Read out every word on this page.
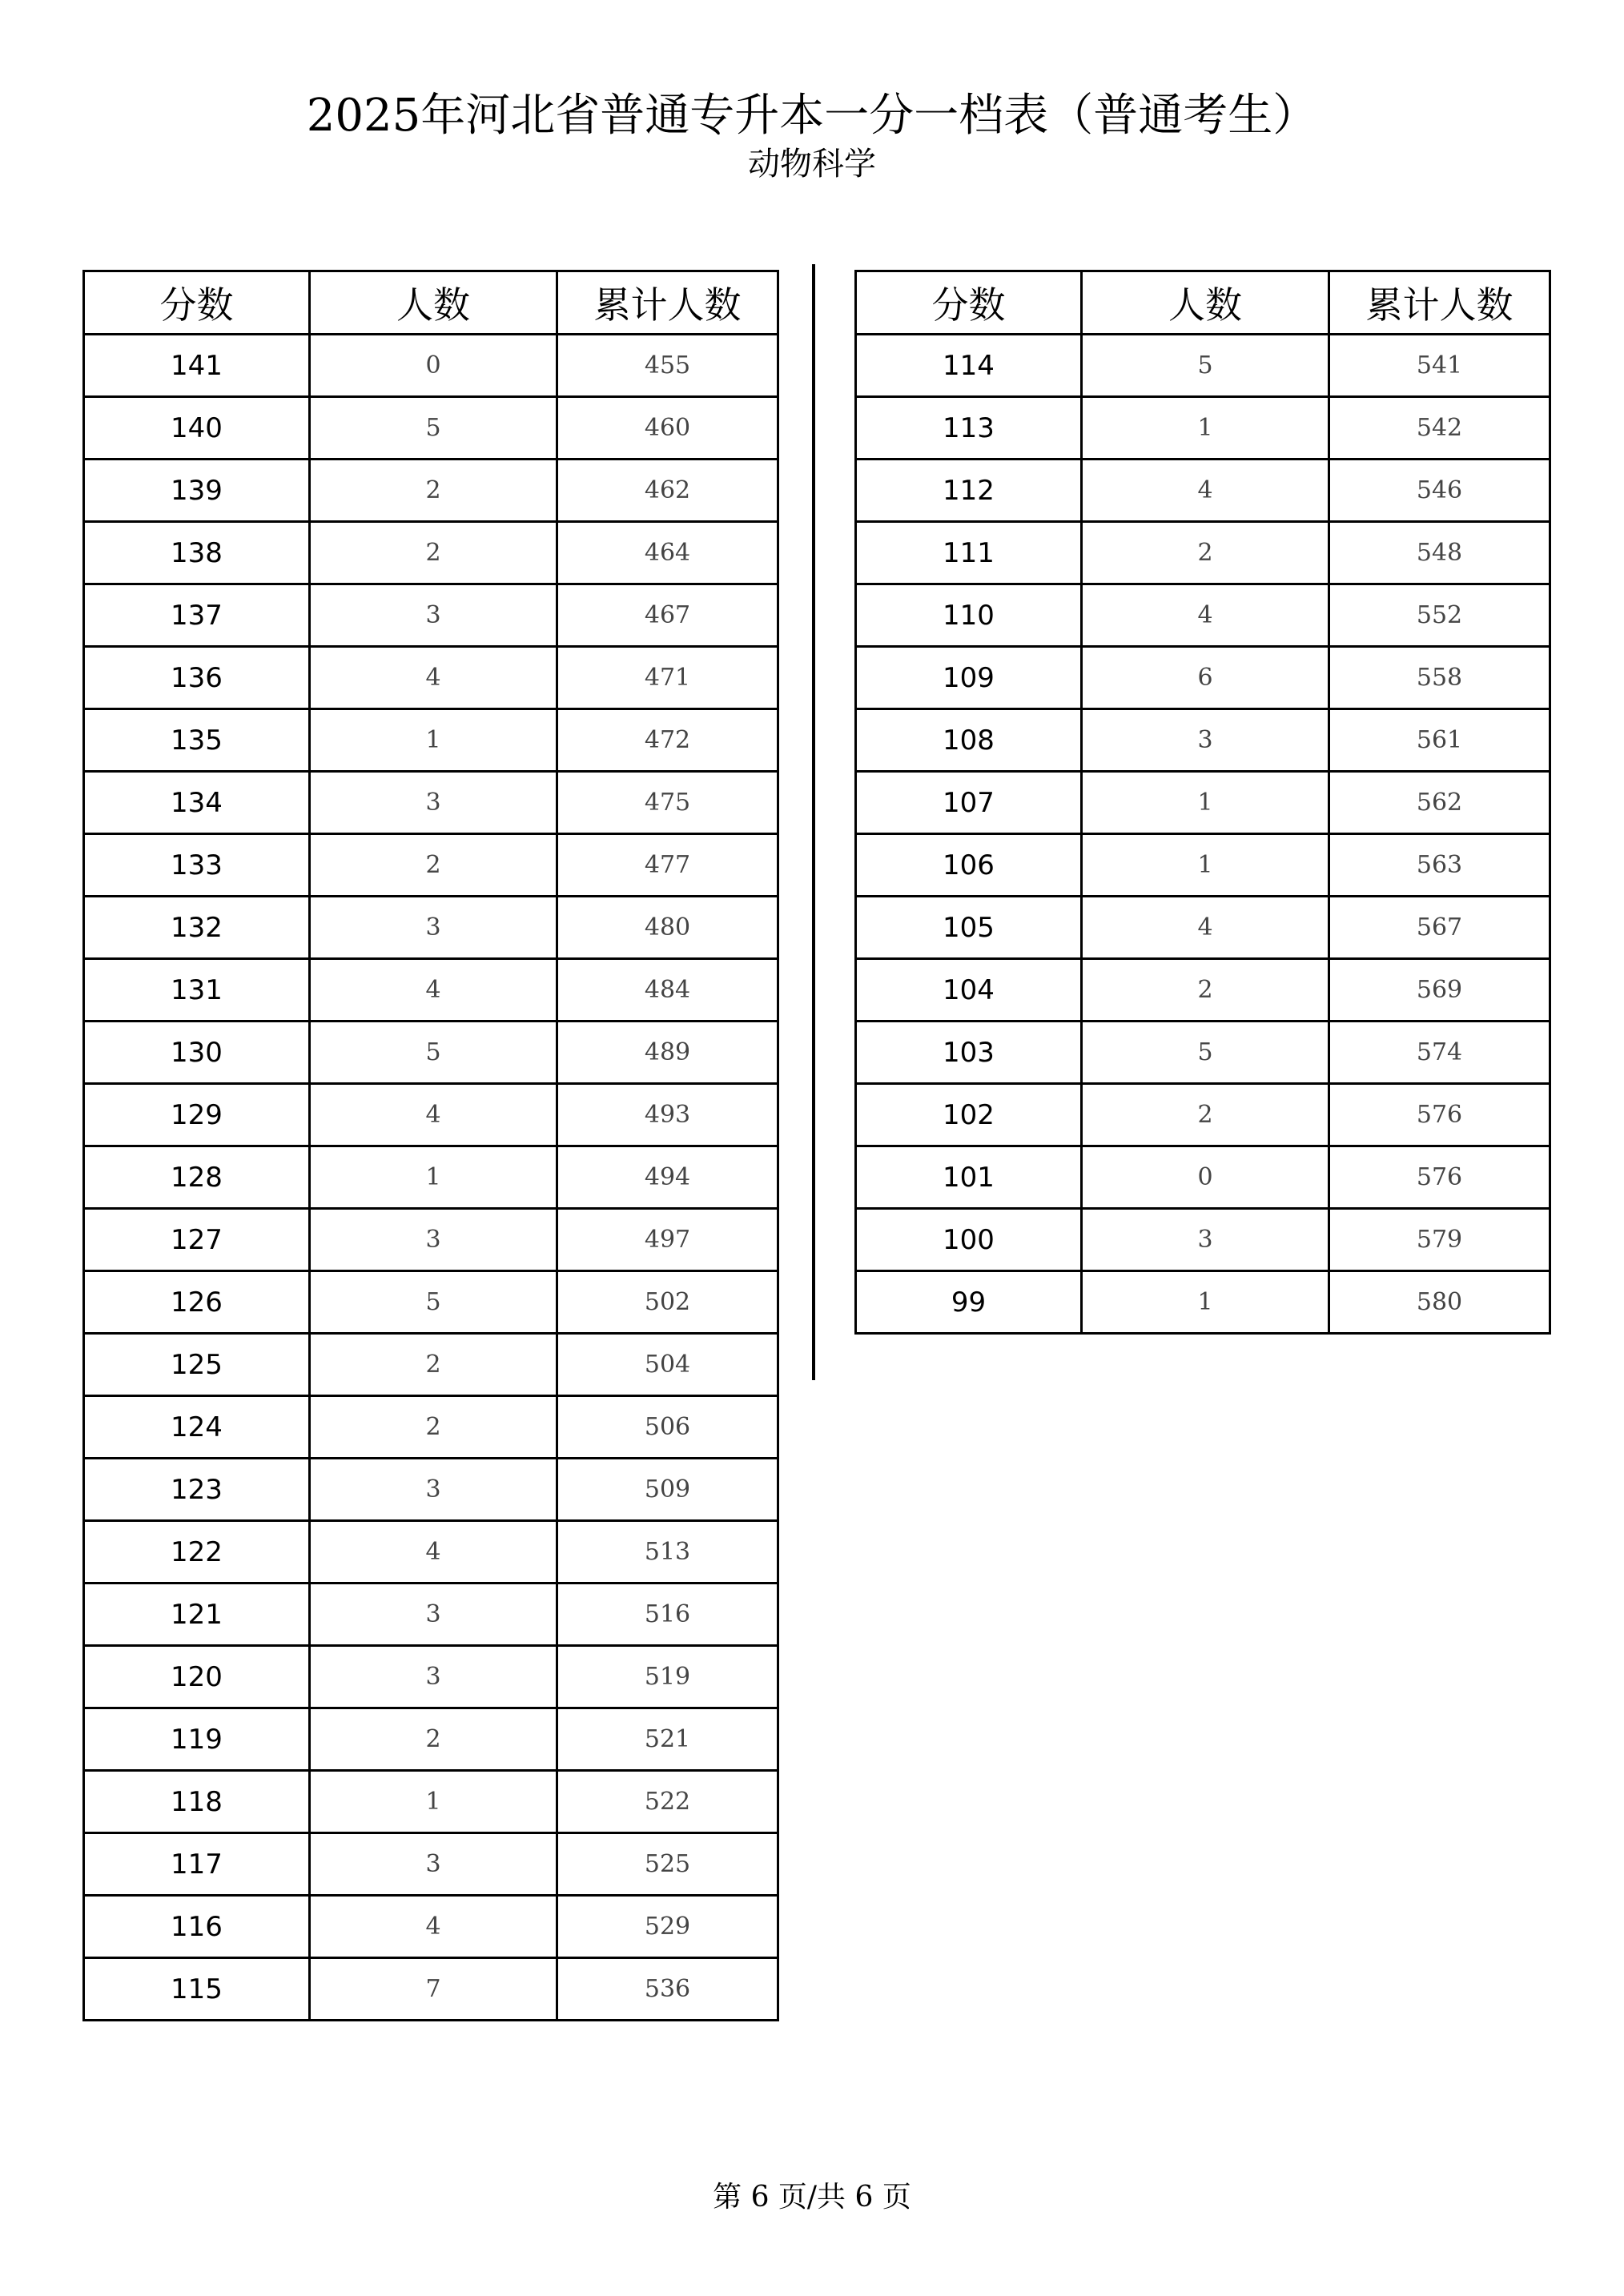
2025年河北省普通专升本一分一档表（普通考生）
动物科学
分数	人数	累计人数
141	0	455
140	5	460
139	2	462
138	2	464
137	3	467
136	4	471
135	1	472
134	3	475
133	2	477
132	3	480
131	4	484
130	5	489
129	4	493
128	1	494
127	3	497
126	5	502
125	2	504
124	2	506
123	3	509
122	4	513
121	3	516
120	3	519
119	2	521
118	1	522
117	3	525
116	4	529
115	7	536
分数	人数	累计人数
114	5	541
113	1	542
112	4	546
111	2	548
110	4	552
109	6	558
108	3	561
107	1	562
106	1	563
105	4	567
104	2	569
103	5	574
102	2	576
101	0	576
100	3	579
99	1	580
第 6 页/共 6 页
